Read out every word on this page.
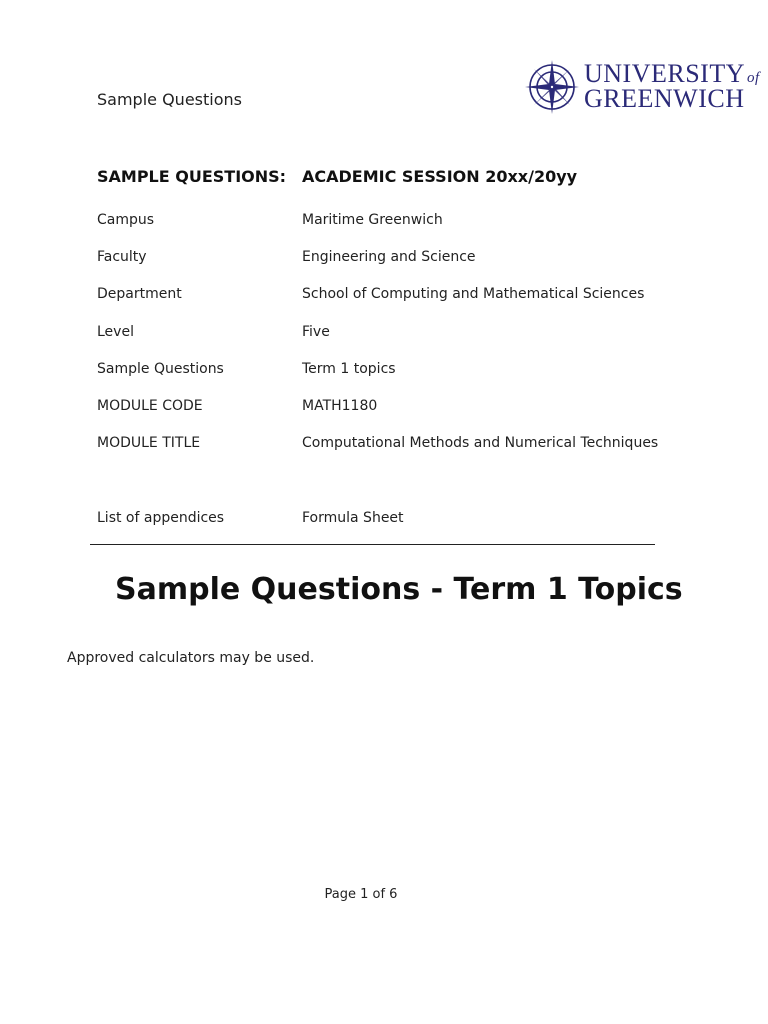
Sample Questions
UNIVERSITY of
GREENWICH
SAMPLE QUESTIONS: ACADEMIC SESSION 20xx/20yy
Campus	Maritime Greenwich
Faculty	Engineering and Science
Department	School of Computing and Mathematical Sciences
Level	Five
Sample Questions	Term 1 topics
MODULE CODE	MATH1180
MODULE TITLE	Computational Methods and Numerical Techniques
List of appendices	Formula Sheet
Sample Questions - Term 1 Topics
Approved calculators may be used.
Page 1 of 6
